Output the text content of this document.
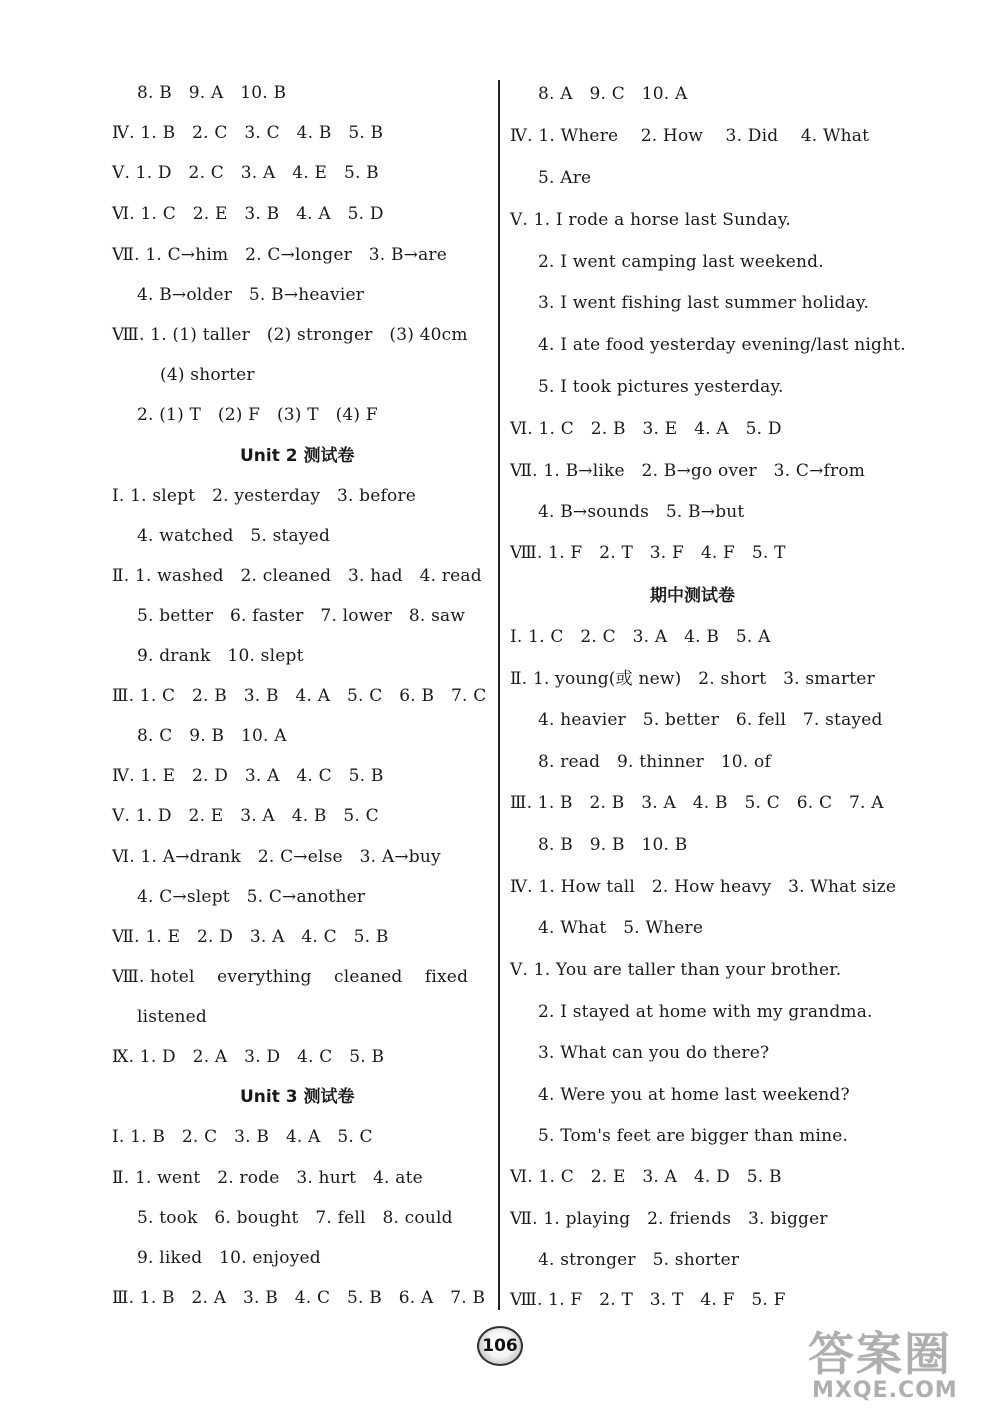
8. B   9. A   10. B
Ⅳ. 1. B   2. C   3. C   4. B   5. B
Ⅴ. 1. D   2. C   3. A   4. E   5. B
Ⅵ. 1. C   2. E   3. B   4. A   5. D
Ⅶ. 1. C→him   2. C→longer   3. B→are
4. B→older   5. B→heavier
Ⅷ. 1. (1) taller   (2) stronger   (3) 40cm
(4) shorter
2. (1) T   (2) F   (3) T   (4) F
Unit 2 测试卷
Ⅰ. 1. slept   2. yesterday   3. before
4. watched   5. stayed
Ⅱ. 1. washed   2. cleaned   3. had   4. read
5. better   6. faster   7. lower   8. saw
9. drank   10. slept
Ⅲ. 1. C   2. B   3. B   4. A   5. C   6. B   7. C
8. C   9. B   10. A
Ⅳ. 1. E   2. D   3. A   4. C   5. B
Ⅴ. 1. D   2. E   3. A   4. B   5. C
Ⅵ. 1. A→drank   2. C→else   3. A→buy
4. C→slept   5. C→another
Ⅶ. 1. E   2. D   3. A   4. C   5. B
Ⅷ. hotel    everything    cleaned    fixed
listened
Ⅸ. 1. D   2. A   3. D   4. C   5. B
Unit 3 测试卷
Ⅰ. 1. B   2. C   3. B   4. A   5. C
Ⅱ. 1. went   2. rode   3. hurt   4. ate
5. took   6. bought   7. fell   8. could
9. liked   10. enjoyed
Ⅲ. 1. B   2. A   3. B   4. C   5. B   6. A   7. B
8. A   9. C   10. A
Ⅳ. 1. Where    2. How    3. Did    4. What
5. Are
Ⅴ. 1. I rode a horse last Sunday.
2. I went camping last weekend.
3. I went fishing last summer holiday.
4. I ate food yesterday evening/last night.
5. I took pictures yesterday.
Ⅵ. 1. C   2. B   3. E   4. A   5. D
Ⅶ. 1. B→like   2. B→go over   3. C→from
4. B→sounds   5. B→but
Ⅷ. 1. F   2. T   3. F   4. F   5. T
期中测试卷
Ⅰ. 1. C   2. C   3. A   4. B   5. A
Ⅱ. 1. young(或 new)   2. short   3. smarter
4. heavier   5. better   6. fell   7. stayed
8. read   9. thinner   10. of
Ⅲ. 1. B   2. B   3. A   4. B   5. C   6. C   7. A
8. B   9. B   10. B
Ⅳ. 1. How tall   2. How heavy   3. What size
4. What   5. Where
Ⅴ. 1. You are taller than your brother.
2. I stayed at home with my grandma.
3. What can you do there?
4. Were you at home last weekend?
5. Tom's feet are bigger than mine.
Ⅵ. 1. C   2. E   3. A   4. D   5. B
Ⅶ. 1. playing   2. friends   3. bigger
4. stronger   5. shorter
Ⅷ. 1. F   2. T   3. T   4. F   5. F
106	答案圈
MXQE.COM
